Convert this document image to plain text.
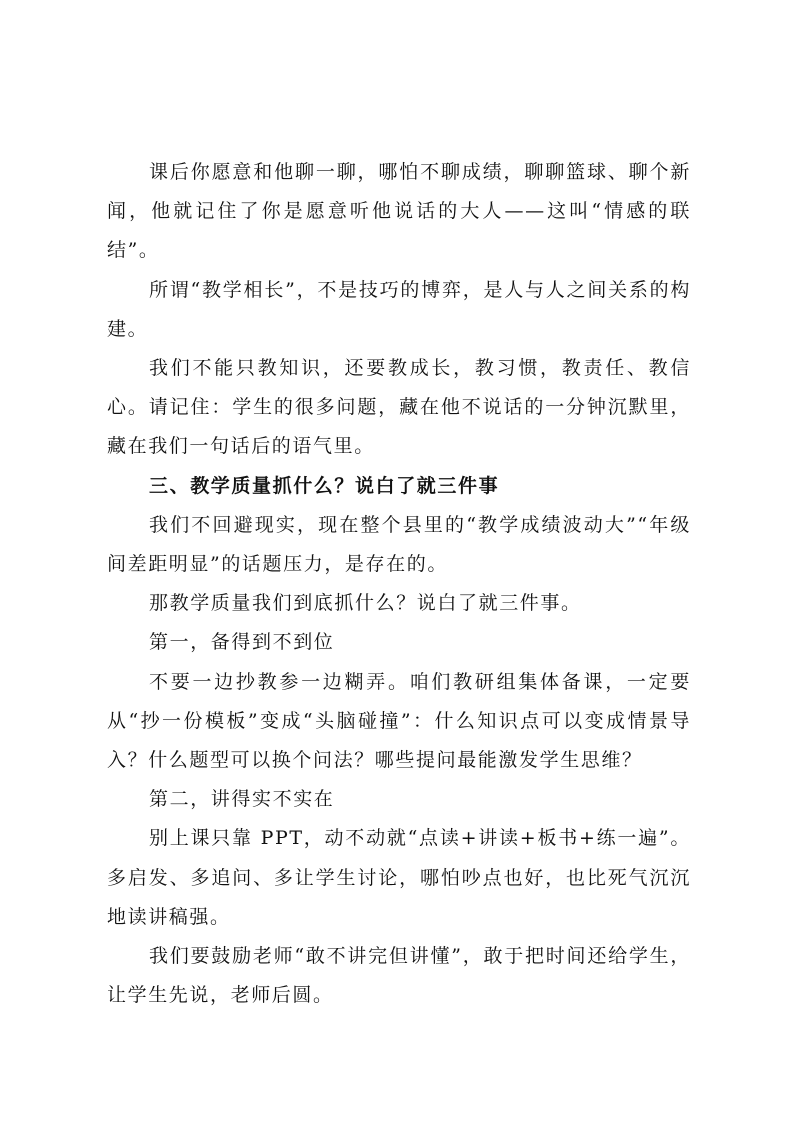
课后你愿意和他聊一聊，哪怕不聊成绩，聊聊篮球、聊个新闻，他就记住了你是愿意听他说话的大人——这叫“情感的联结”。

所谓“教学相长”，不是技巧的博弈，是人与人之间关系的构建。

我们不能只教知识，还要教成长，教习惯，教责任、教信心。请记住：学生的很多问题，藏在他不说话的一分钟沉默里，藏在我们一句话后的语气里。

三、教学质量抓什么？说白了就三件事

我们不回避现实，现在整个县里的“教学成绩波动大”“年级间差距明显”的话题压力，是存在的。

那教学质量我们到底抓什么？说白了就三件事。

第一，备得到不到位

不要一边抄教参一边糊弄。咱们教研组集体备课，一定要从“抄一份模板”变成“头脑碰撞”：什么知识点可以变成情景导入？什么题型可以换个问法？哪些提问最能激发学生思维？

第二，讲得实不实在

别上课只靠 PPT，动不动就“点读+讲读+板书+练一遍”。多启发、多追问、多让学生讨论，哪怕吵点也好，也比死气沉沉地读讲稿强。

我们要鼓励老师“敢不讲完但讲懂”，敢于把时间还给学生，让学生先说，老师后圆。
